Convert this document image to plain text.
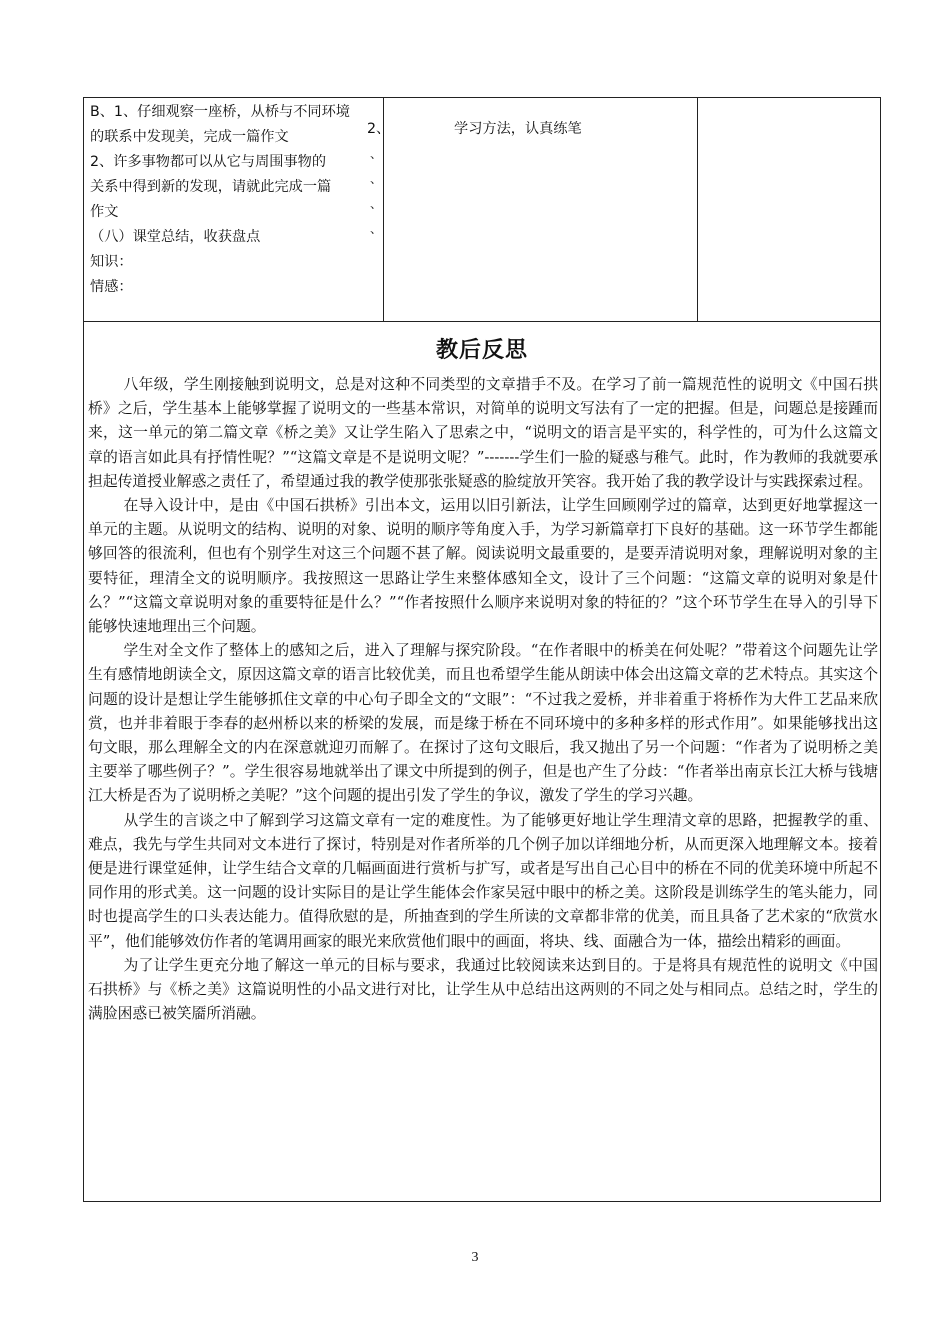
B、1、仔细观察一座桥，从桥与不同环境
的联系中发现美，完成一篇作文
2、许多事物都可以从它与周围事物的
关系中得到新的发现，请就此完成一篇
作文
（八）课堂总结，收获盘点
知识：
情感：
、
、
、
、
2、	学习方法，认真练笔
教后反思

八年级，学生刚接触到说明文，总是对这种不同类型的文章措手不及。在学习了前一篇规范性的说明文《中国石拱桥》之后，学生基本上能够掌握了说明文的一些基本常识，对简单的说明文写法有了一定的把握。但是，问题总是接踵而来，这一单元的第二篇文章《桥之美》又让学生陷入了思索之中，“说明文的语言是平实的，科学性的，可为什么这篇文章的语言如此具有抒情性呢？”“这篇文章是不是说明文呢？”-------学生们一脸的疑惑与稚气。此时，作为教师的我就要承担起传道授业解惑之责任了，希望通过我的教学使那张张疑惑的脸绽放开笑容。我开始了我的教学设计与实践探索过程。

在导入设计中，是由《中国石拱桥》引出本文，运用以旧引新法，让学生回顾刚学过的篇章，达到更好地掌握这一单元的主题。从说明文的结构、说明的对象、说明的顺序等角度入手，为学习新篇章打下良好的基础。这一环节学生都能够回答的很流利，但也有个别学生对这三个问题不甚了解。阅读说明文最重要的，是要弄清说明对象，理解说明对象的主要特征，理清全文的说明顺序。我按照这一思路让学生来整体感知全文，设计了三个问题：“这篇文章的说明对象是什么？”“这篇文章说明对象的重要特征是什么？”“作者按照什么顺序来说明对象的特征的？”这个环节学生在导入的引导下能够快速地理出三个问题。

学生对全文作了整体上的感知之后，进入了理解与探究阶段。“在作者眼中的桥美在何处呢？”带着这个问题先让学生有感情地朗读全文，原因这篇文章的语言比较优美，而且也希望学生能从朗读中体会出这篇文章的艺术特点。其实这个问题的设计是想让学生能够抓住文章的中心句子即全文的“文眼”：“不过我之爱桥，并非着重于将桥作为大件工艺品来欣赏，也并非着眼于李春的赵州桥以来的桥梁的发展，而是缘于桥在不同环境中的多种多样的形式作用”。如果能够找出这句文眼，那么理解全文的内在深意就迎刃而解了。在探讨了这句文眼后，我又抛出了另一个问题：“作者为了说明桥之美主要举了哪些例子？”。学生很容易地就举出了课文中所提到的例子，但是也产生了分歧：“作者举出南京长江大桥与钱塘江大桥是否为了说明桥之美呢？”这个问题的提出引发了学生的争议，激发了学生的学习兴趣。

从学生的言谈之中了解到学习这篇文章有一定的难度性。为了能够更好地让学生理清文章的思路，把握教学的重、难点，我先与学生共同对文本进行了探讨，特别是对作者所举的几个例子加以详细地分析，从而更深入地理解文本。接着便是进行课堂延伸，让学生结合文章的几幅画面进行赏析与扩写，或者是写出自己心目中的桥在不同的优美环境中所起不同作用的形式美。这一问题的设计实际目的是让学生能体会作家吴冠中眼中的桥之美。这阶段是训练学生的笔头能力，同时也提高学生的口头表达能力。值得欣慰的是，所抽查到的学生所读的文章都非常的优美，而且具备了艺术家的“欣赏水平”，他们能够效仿作者的笔调用画家的眼光来欣赏他们眼中的画面，将块、线、面融合为一体，描绘出精彩的画面。

为了让学生更充分地了解这一单元的目标与要求，我通过比较阅读来达到目的。于是将具有规范性的说明文《中国石拱桥》与《桥之美》这篇说明性的小品文进行对比，让学生从中总结出这两则的不同之处与相同点。总结之时，学生的满脸困惑已被笑靥所消融。

3
